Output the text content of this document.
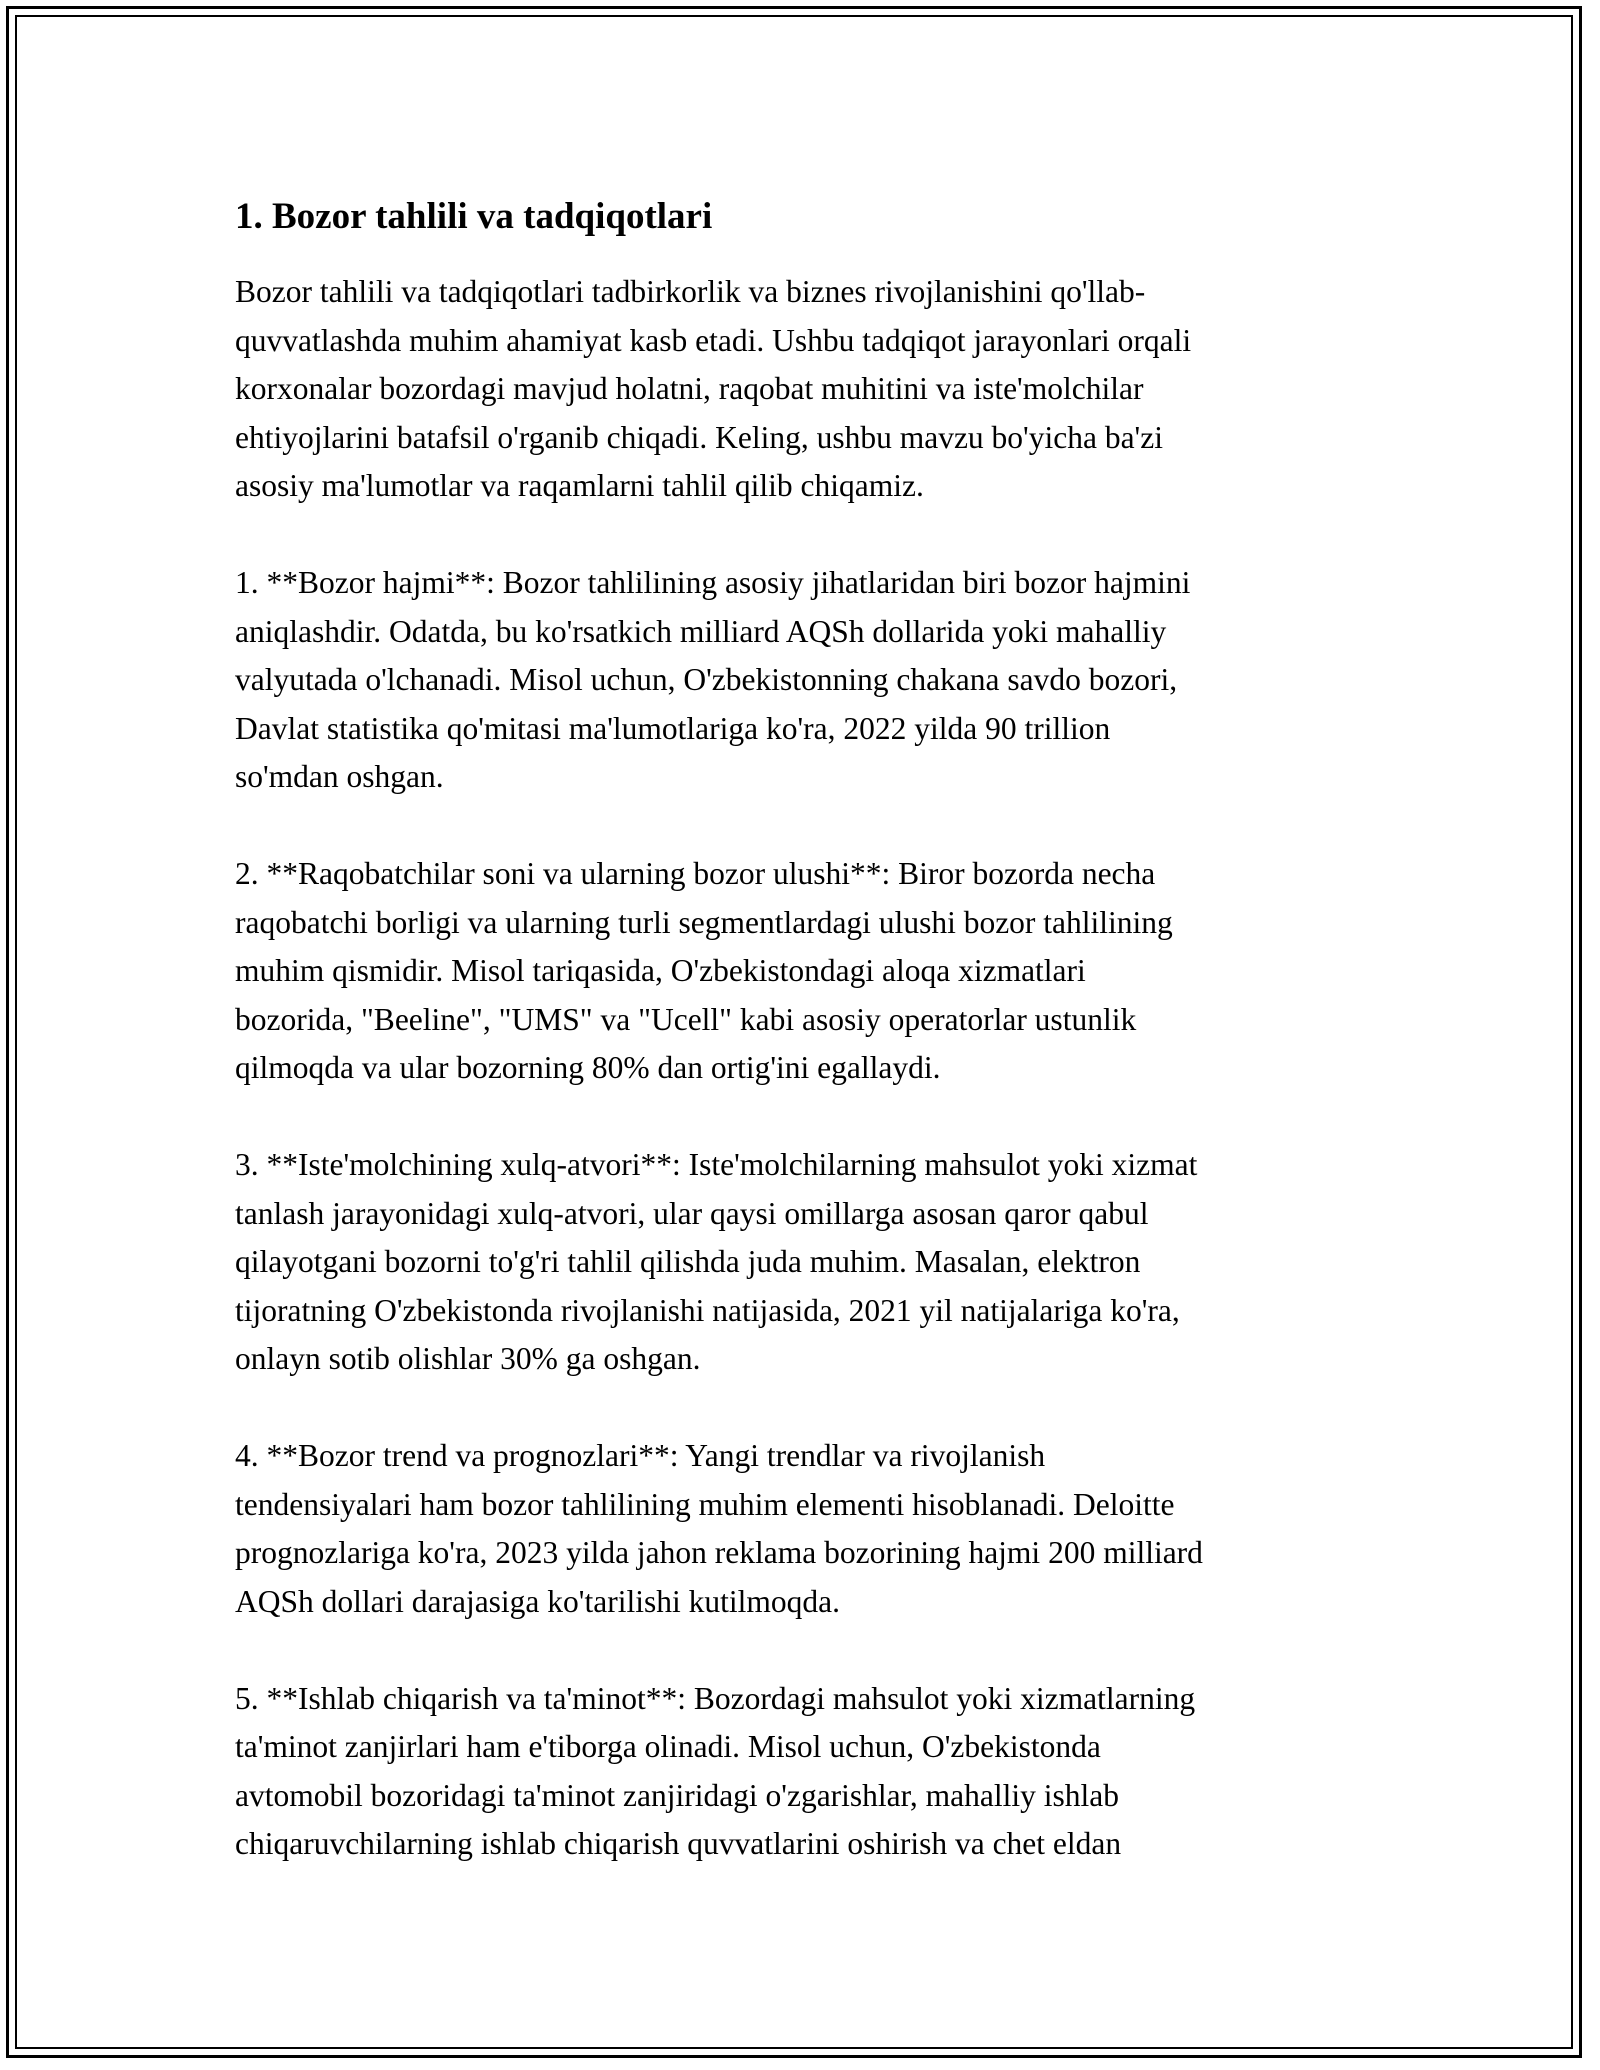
1. Bozor tahlili va tadqiqotlari

Bozor tahlili va tadqiqotlari tadbirkorlik va biznes rivojlanishini qo'llab-
quvvatlashda muhim ahamiyat kasb etadi. Ushbu tadqiqot jarayonlari orqali
korxonalar bozordagi mavjud holatni, raqobat muhitini va iste'molchilar
ehtiyojlarini batafsil o'rganib chiqadi. Keling, ushbu mavzu bo'yicha ba'zi
asosiy ma'lumotlar va raqamlarni tahlil qilib chiqamiz.

1. **Bozor hajmi**: Bozor tahlilining asosiy jihatlaridan biri bozor hajmini
aniqlashdir. Odatda, bu ko'rsatkich milliard AQSh dollarida yoki mahalliy
valyutada o'lchanadi. Misol uchun, O'zbekistonning chakana savdo bozori,
Davlat statistika qo'mitasi ma'lumotlariga ko'ra, 2022 yilda 90 trillion
so'mdan oshgan.

2. **Raqobatchilar soni va ularning bozor ulushi**: Biror bozorda necha
raqobatchi borligi va ularning turli segmentlardagi ulushi bozor tahlilining
muhim qismidir. Misol tariqasida, O'zbekistondagi aloqa xizmatlari
bozorida, "Beeline", "UMS" va "Ucell" kabi asosiy operatorlar ustunlik
qilmoqda va ular bozorning 80% dan ortig'ini egallaydi.

3. **Iste'molchining xulq-atvori**: Iste'molchilarning mahsulot yoki xizmat
tanlash jarayonidagi xulq-atvori, ular qaysi omillarga asosan qaror qabul
qilayotgani bozorni to'g'ri tahlil qilishda juda muhim. Masalan, elektron
tijoratning O'zbekistonda rivojlanishi natijasida, 2021 yil natijalariga ko'ra,
onlayn sotib olishlar 30% ga oshgan.

4. **Bozor trend va prognozlari**: Yangi trendlar va rivojlanish
tendensiyalari ham bozor tahlilining muhim elementi hisoblanadi. Deloitte
prognozlariga ko'ra, 2023 yilda jahon reklama bozorining hajmi 200 milliard
AQSh dollari darajasiga ko'tarilishi kutilmoqda.

5. **Ishlab chiqarish va ta'minot**: Bozordagi mahsulot yoki xizmatlarning
ta'minot zanjirlari ham e'tiborga olinadi. Misol uchun, O'zbekistonda
avtomobil bozoridagi ta'minot zanjiridagi o'zgarishlar, mahalliy ishlab
chiqaruvchilarning ishlab chiqarish quvvatlarini oshirish va chet eldan
